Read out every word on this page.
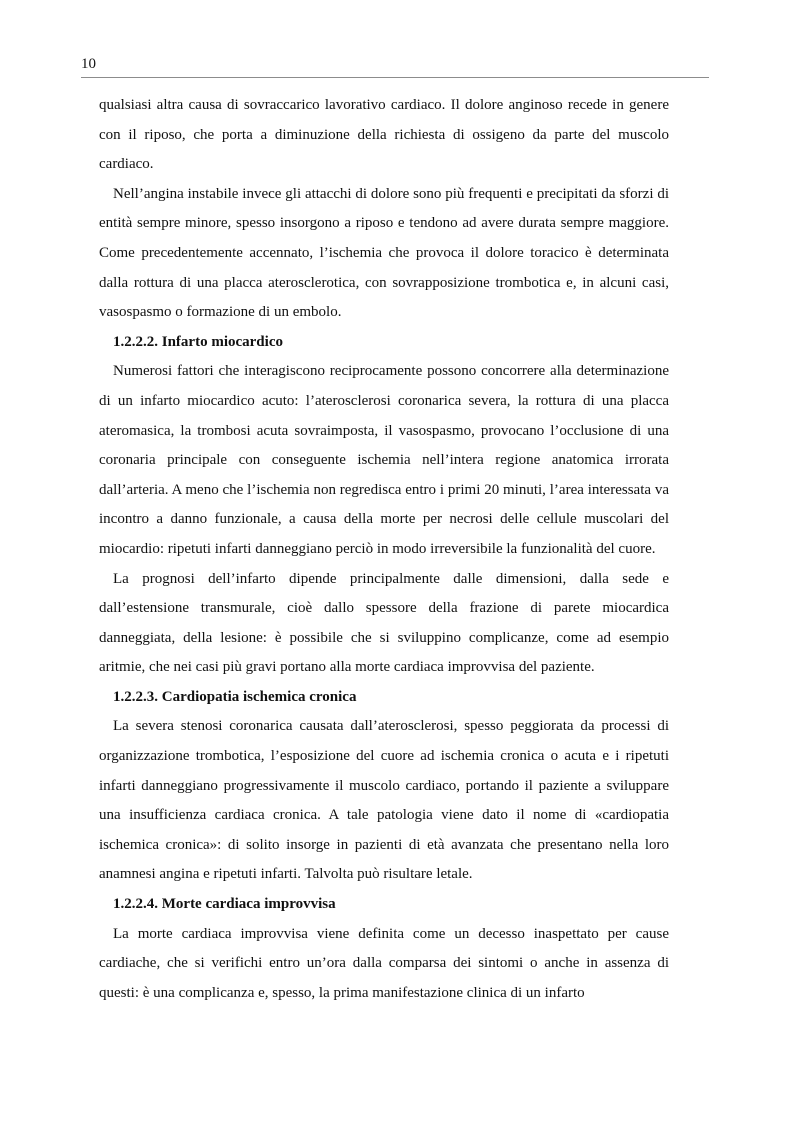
10

qualsiasi altra causa di sovraccarico lavorativo cardiaco. Il dolore anginoso recede in genere con il riposo, che porta a diminuzione della richiesta di ossigeno da parte del muscolo cardiaco.

Nell’angina instabile invece gli attacchi di dolore sono più frequenti e precipitati da sforzi di entità sempre minore, spesso insorgono a riposo e tendono ad avere durata sempre maggiore. Come precedentemente accennato, l’ischemia che provoca il dolore toracico è determinata dalla rottura di una placca aterosclerotica, con sovrapposizione trombotica e, in alcuni casi, vasospasmo o formazione di un embolo.

1.2.2.2. Infarto miocardico

Numerosi fattori che interagiscono reciprocamente possono concorrere alla determinazione di un infarto miocardico acuto: l’aterosclerosi coronarica severa, la rottura di una placca ateromasica, la trombosi acuta sovraimposta, il vasospasmo, provocano l’occlusione di una coronaria principale con conseguente ischemia nell’intera regione anatomica irrorata dall’arteria. A meno che l’ischemia non regredisca entro i primi 20 minuti, l’area interessata va incontro a danno funzionale, a causa della morte per necrosi delle cellule muscolari del miocardio: ripetuti infarti danneggiano perciò in modo irreversibile la funzionalità del cuore.

La prognosi dell’infarto dipende principalmente dalle dimensioni, dalla sede e dall’estensione transmurale, cioè dallo spessore della frazione di parete miocardica danneggiata, della lesione: è possibile che si sviluppino complicanze, come ad esempio aritmie, che nei casi più gravi portano alla morte cardiaca improvvisa del paziente.

1.2.2.3. Cardiopatia ischemica cronica

La severa stenosi coronarica causata dall’aterosclerosi, spesso peggiorata da processi di organizzazione trombotica, l’esposizione del cuore ad ischemia cronica o acuta e i ripetuti infarti danneggiano progressivamente il muscolo cardiaco, portando il paziente a sviluppare una insufficienza cardiaca cronica. A tale patologia viene dato il nome di «cardiopatia ischemica cronica»: di solito insorge in pazienti di età avanzata che presentano nella loro anamnesi angina e ripetuti infarti. Talvolta può risultare letale.

1.2.2.4. Morte cardiaca improvvisa

La morte cardiaca improvvisa viene definita come un decesso inaspettato per cause cardiache, che si verifichi entro un’ora dalla comparsa dei sintomi o anche in assenza di questi: è una complicanza e, spesso, la prima manifestazione clinica di un infarto
